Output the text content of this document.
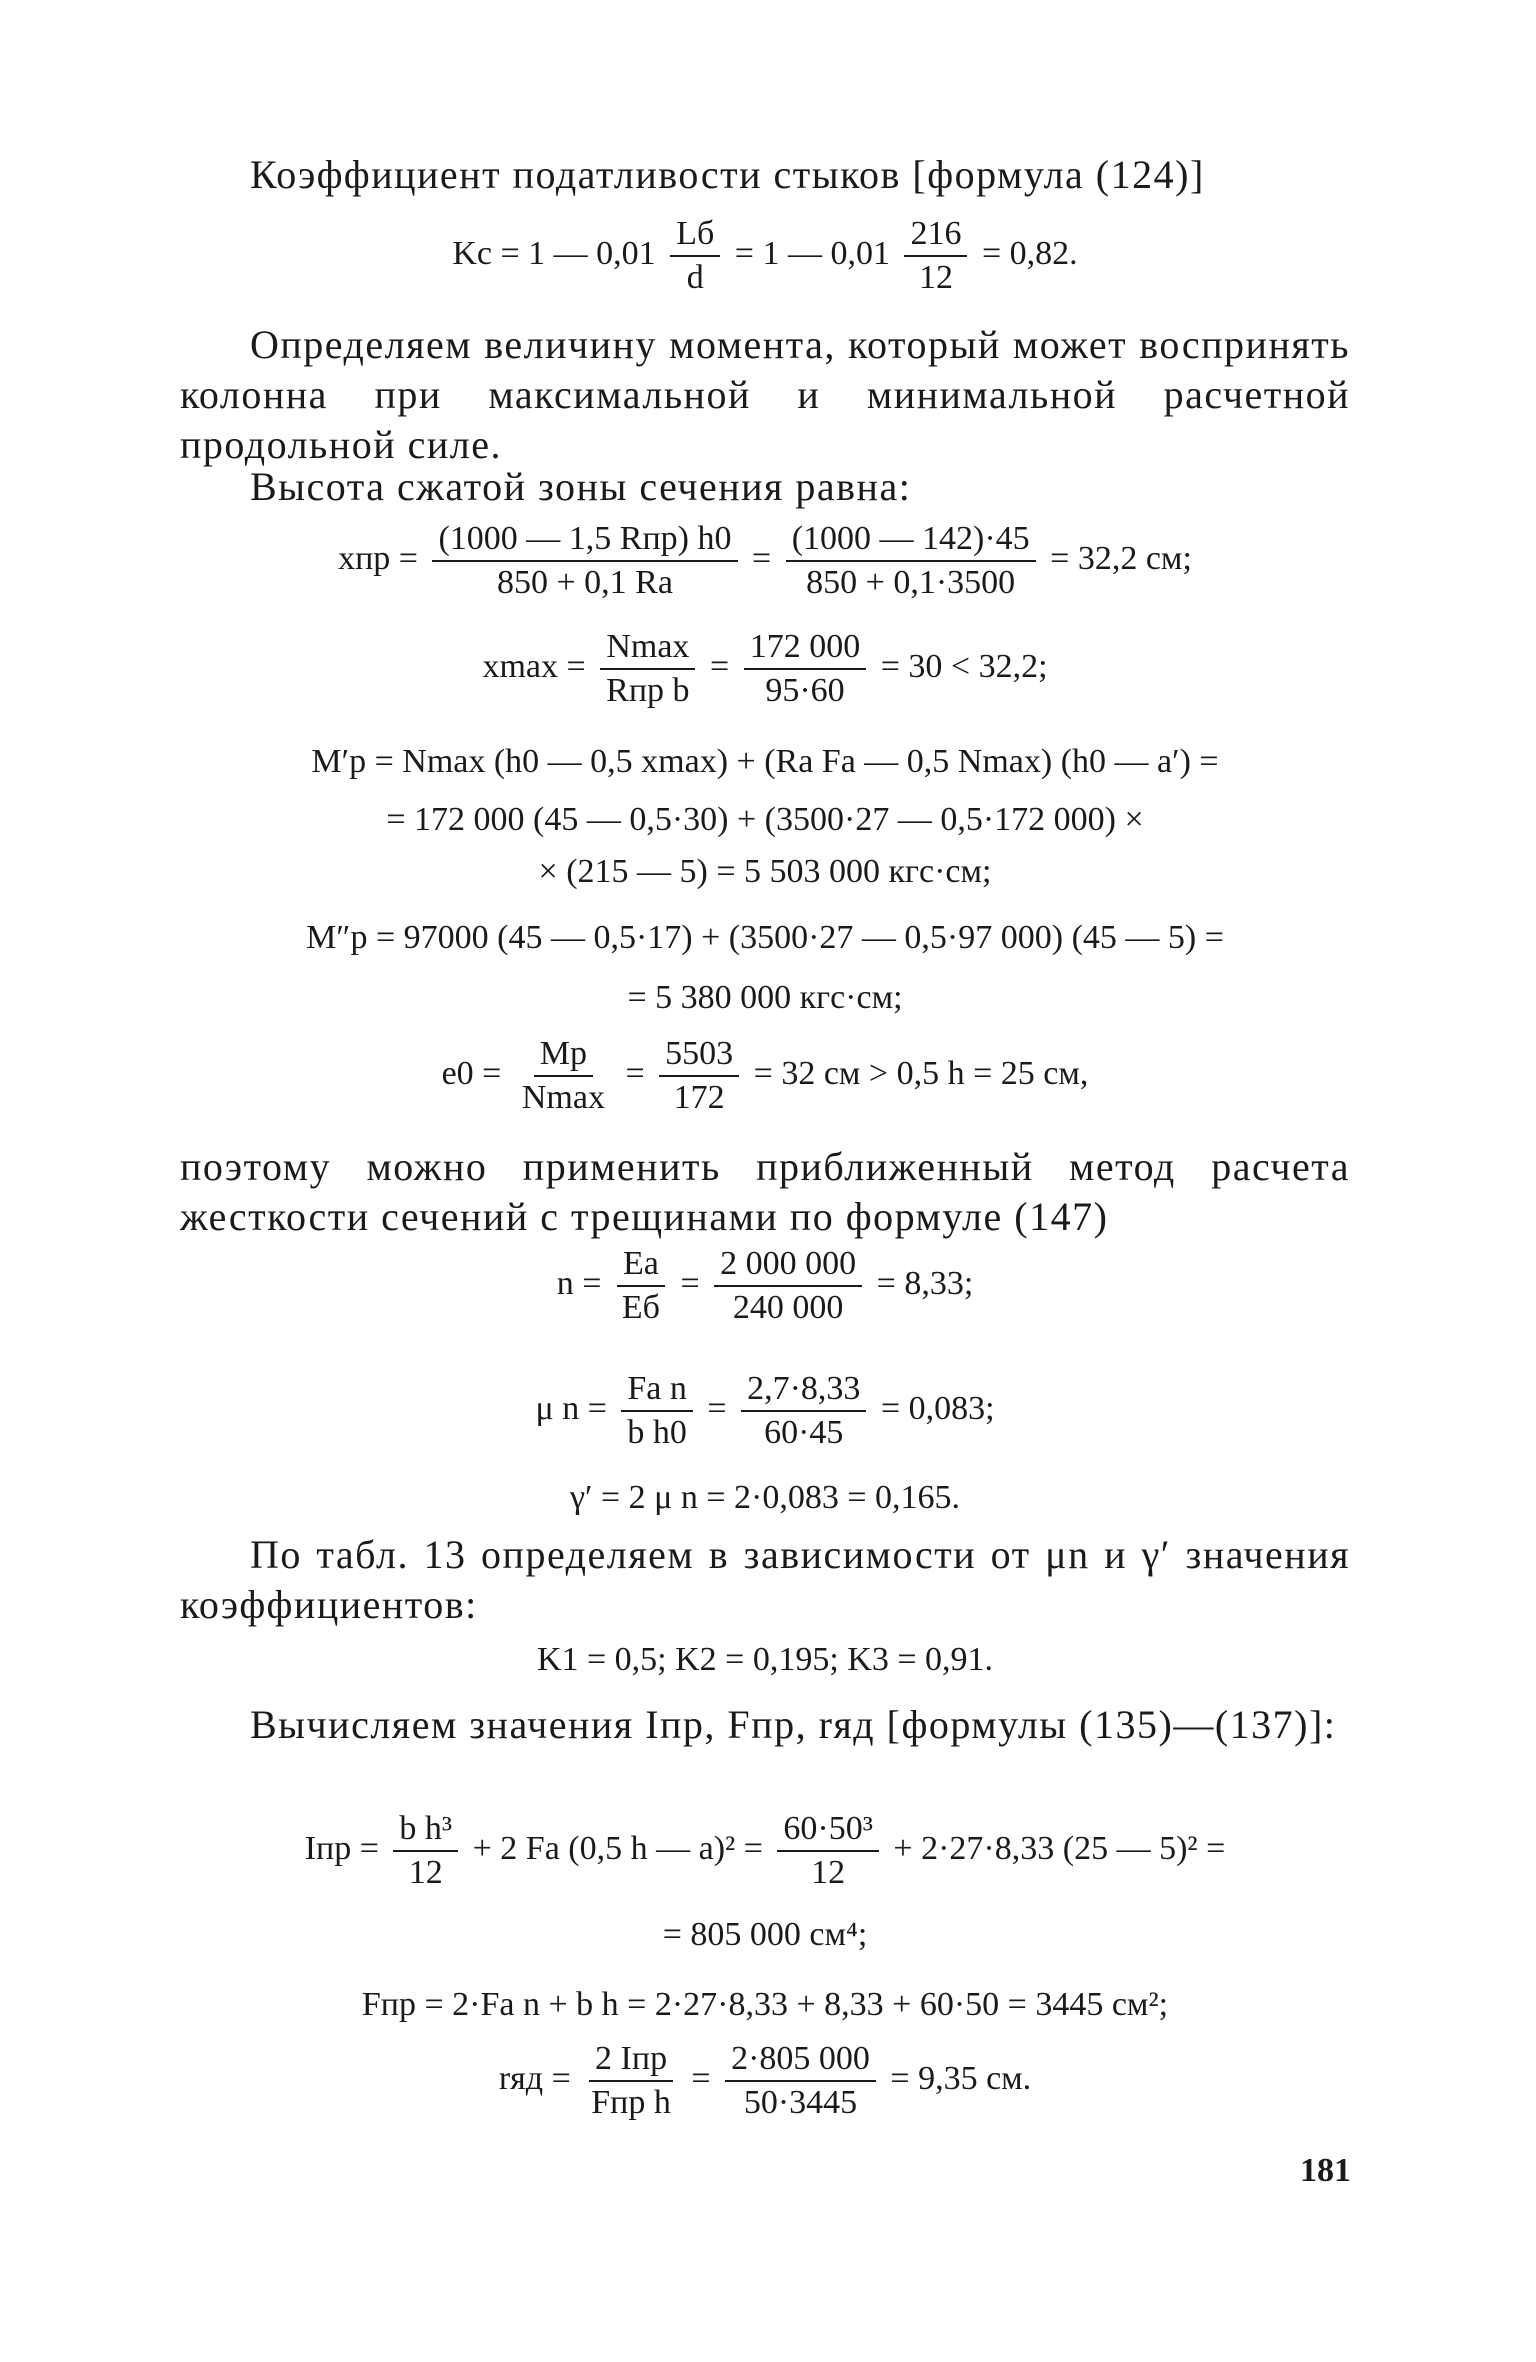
Коэффициент податливости стыков [формула (124)]

Kc = 1 — $0,01 \frac{Lб}{d} = 1$ — $0,01 \frac{216}{12} = 0,82$.

Определяем величину момента, который может воспринять колонна при максимальной и минимальной расчетной продольной силе.

Высота сжатой зоны сечения равна:

xпр = $\frac{\text{(1000 — 1,5 Rпр) h0}}{850 + 0,1 Ra} = \frac{(1000 — 142)\cdot 45}{850 + 0,1\cdot 3500} = 32,2$ см;
$xmax = \frac{Nmax}{\text{Rпр b}} = \frac{172 000}{95\cdot 60} = 30 < 32,2$;
M′p = Nmax (h0 — 0,5 xmax) + (Ra Fa — 0,5 Nmax) (h0 — a′) =
= 172 000 (45 — 0,5·30) + (3500·27 — 0,5·172 000) ×
× (215 — 5) = 5 503 000 кгс·см;
M″p = 97000 (45 — 0,5·17) + (3500·27 — 0,5·97 000) (45 — 5) =
= 5 380 000 кгс·см;
$e0 = \frac{Mp}{Nmax} = \frac{5503}{172} = 32$ см > 0,5 h = 25 см,

поэтому можно применить приближенный метод расчета жесткости сечений с трещинами по формуле (147)

$n = \frac{Ea}{Eб} = \frac{2 000 000}{240 000} = 8,33$;
μ $n = \frac{\text{Fa n}}{\text{b h0}} = \frac{2,7\cdot 8,33}{60\cdot 45} = 0,083$;
γ′ = 2 μ n = 2·0,083 = 0,165.

По табл. 13 определяем в зависимости от μn и γ′ значения коэффициентов:

K1 = 0,5; K2 = 0,195; K3 = 0,91.

Вычисляем значения Iпр, Fпр, rяд [формулы (135)—(137)]:

Iпр = $\frac{\text{b h³}}{12} + 2$ Fa (0,5 h — $a)^2 = \frac{\text{60·50³}}{12} + 2\cdot 27\cdot 8,33$ (25 — 5)² =
= 805 000 см⁴;
Fпр = 2·Fa n + b h = 2·27·8,33 + 8,33 + 60·50 = 3445 см²;
rяд = $\frac{\text{2 Iпр}}{\text{Fпр h}} = \frac{2\cdot 805 000}{50\cdot 3445} = 9,35$ см.
181
